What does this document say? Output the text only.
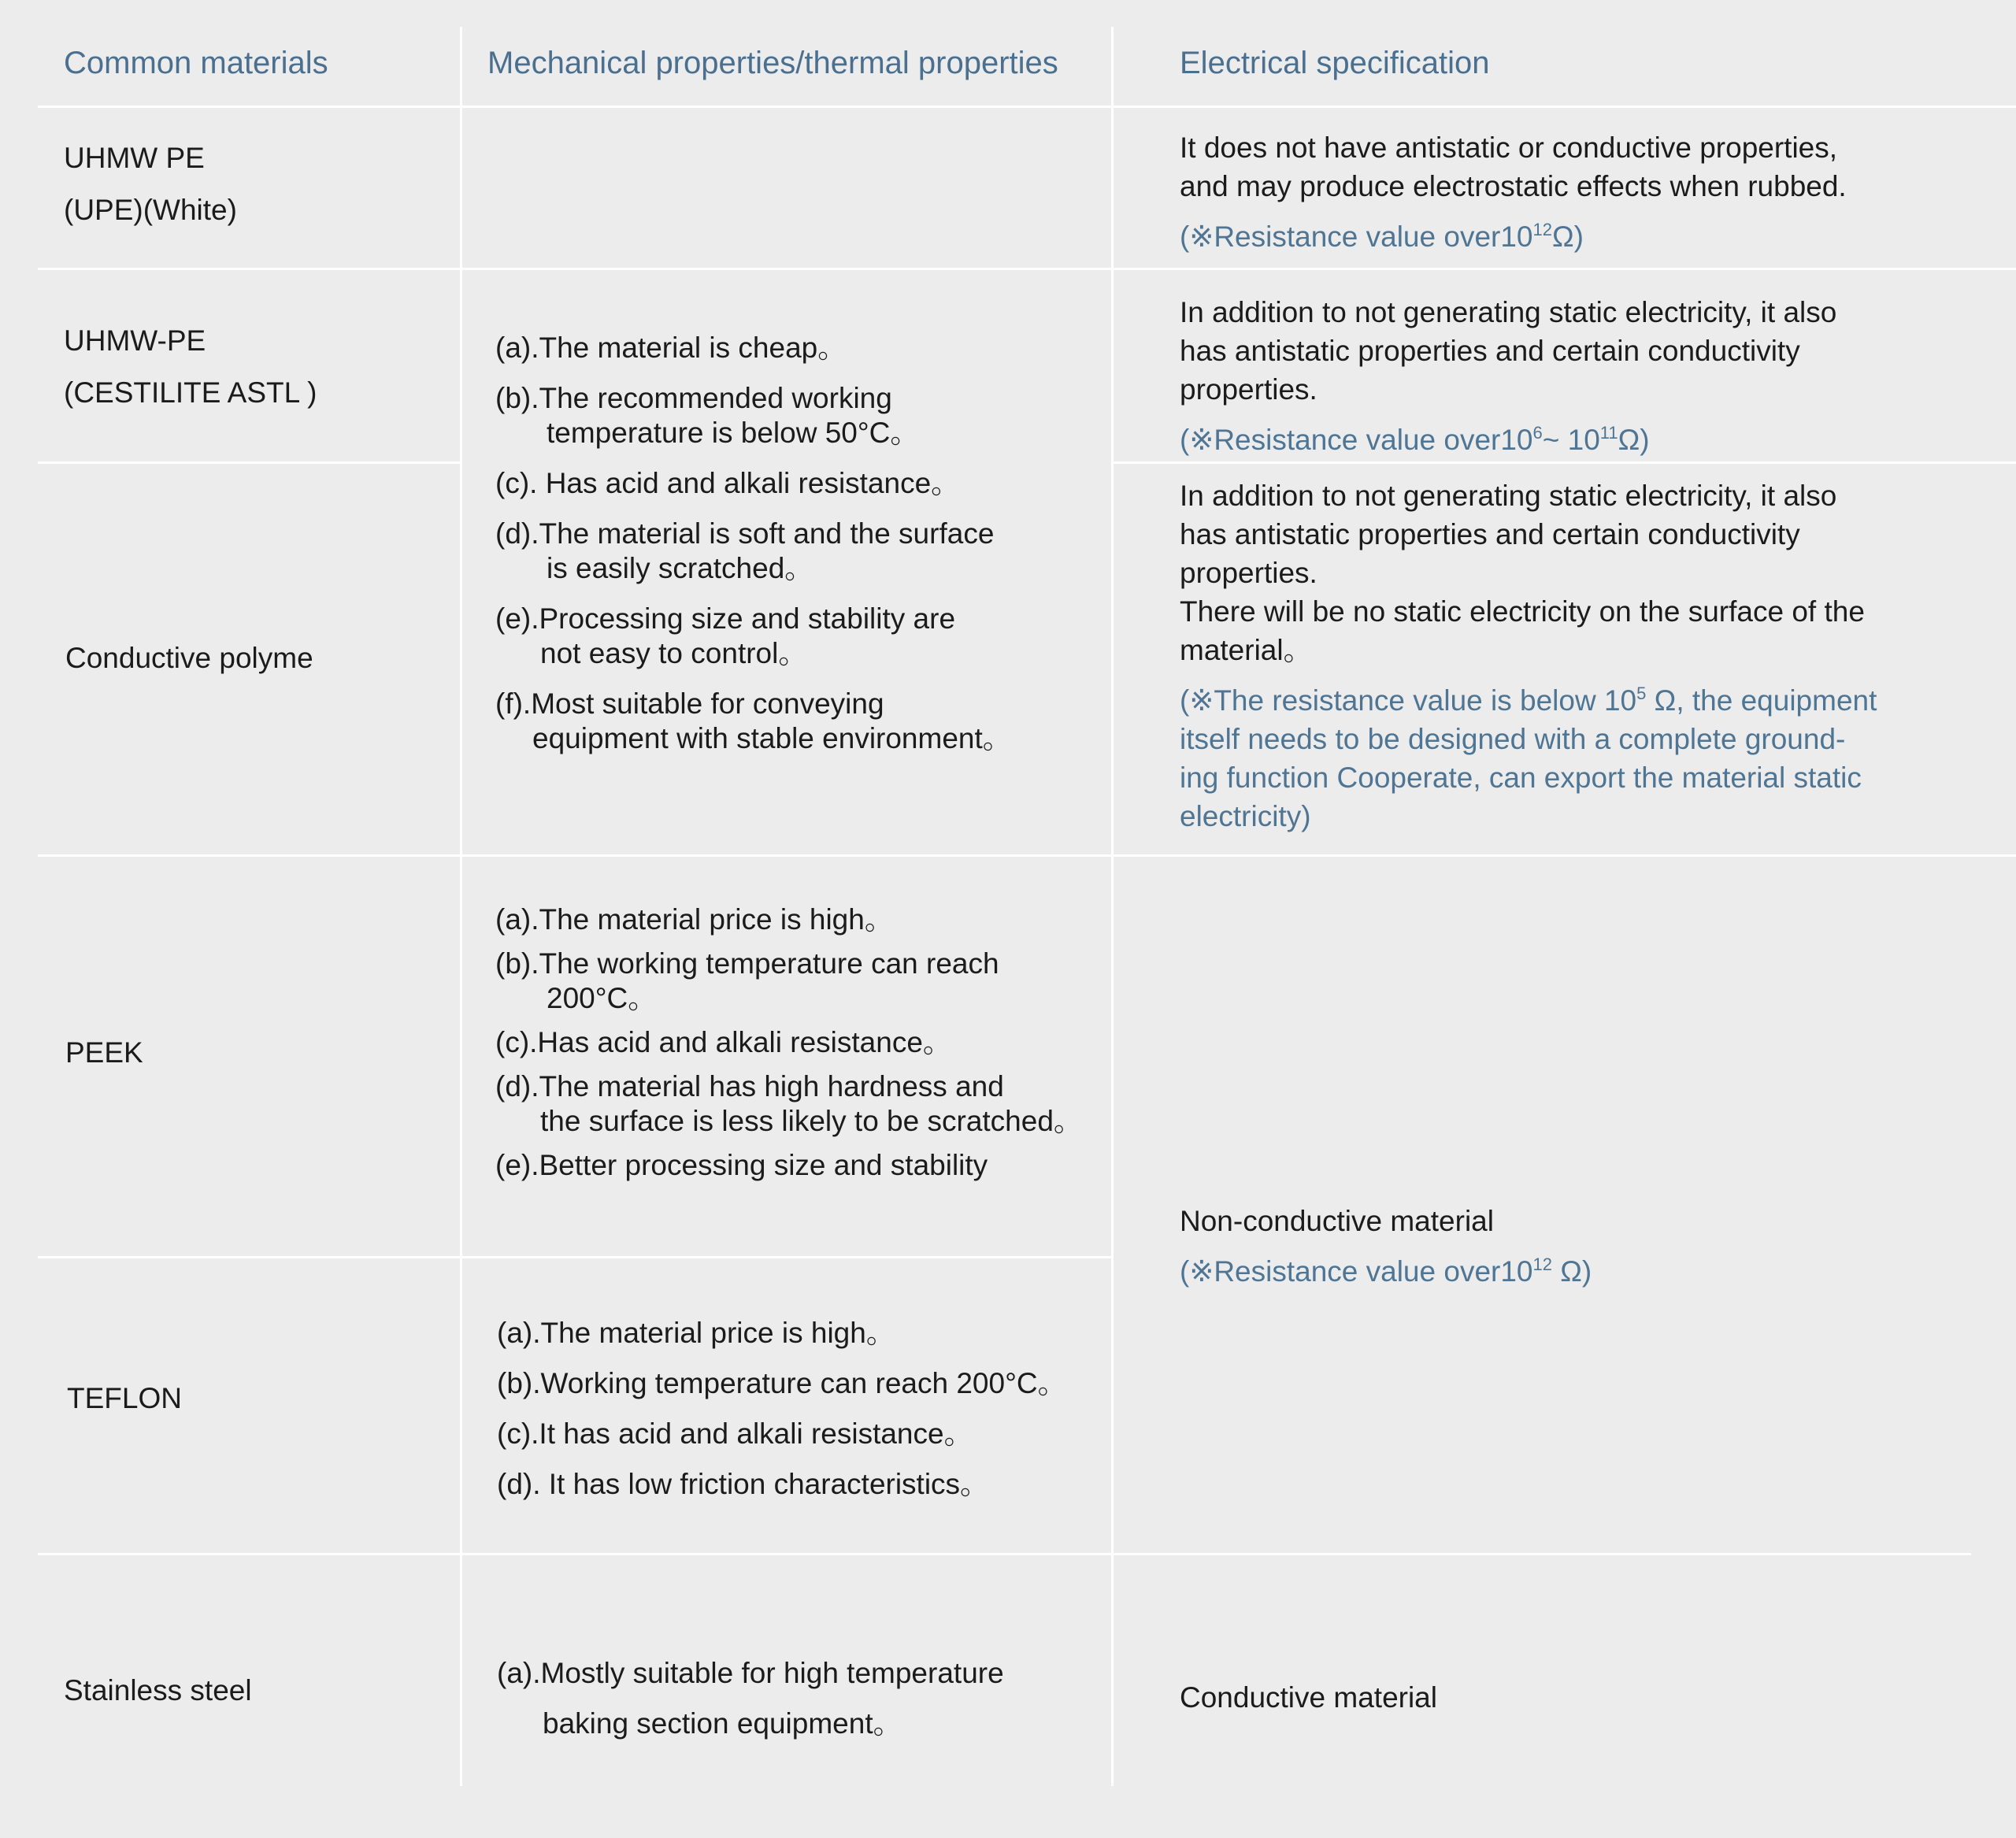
Common materials	Mechanical properties/thermal properties	Electrical specification
UHMW PE
(UPE)(White)
UHMW-PE
(CESTILITE ASTL )
Conductive polyme
PEEK
TEFLON
Stainless steel
(a).The material is cheap。
(b).The recommended working
temperature is below 50°C。
(c). Has acid and alkali resistance。
(d).The material is soft and the surface
is easily scratched。
(e).Processing size and stability are
not easy to control。
(f).Most suitable for conveying
equipment with stable environment。
(a).The material price is high。
(b).The working temperature can reach
200°C。
(c).Has acid and alkali resistance。
(d).The material has high hardness and
the surface is less likely to be scratched。
(e).Better processing size and stability
(a).The material price is high。
(b).Working temperature can reach 200°C。
(c).It has acid and alkali resistance。
(d). It has low friction characteristics。
(a).Mostly suitable for high temperature
baking section equipment。
It does not have antistatic or conductive properties,
and may produce electrostatic effects when rubbed.
(※Resistance value $over10^{12}\Omega$)
In addition to not generating static electricity, it also
has antistatic properties and certain conductivity
properties.
(※Resistance value $over10^6\sim$ $10^{11}\Omega$)
In addition to not generating static electricity, it also
has antistatic properties and certain conductivity
properties.
There will be no static electricity on the surface of the
material。
(※The resistance value is below $10^5$ Ω, the equipment
itself needs to be designed with a complete ground-
ing function Cooperate, can export the material static
electricity)
Non-conductive material
(※Resistance value $over10^{12}$ Ω)
Conductive material
